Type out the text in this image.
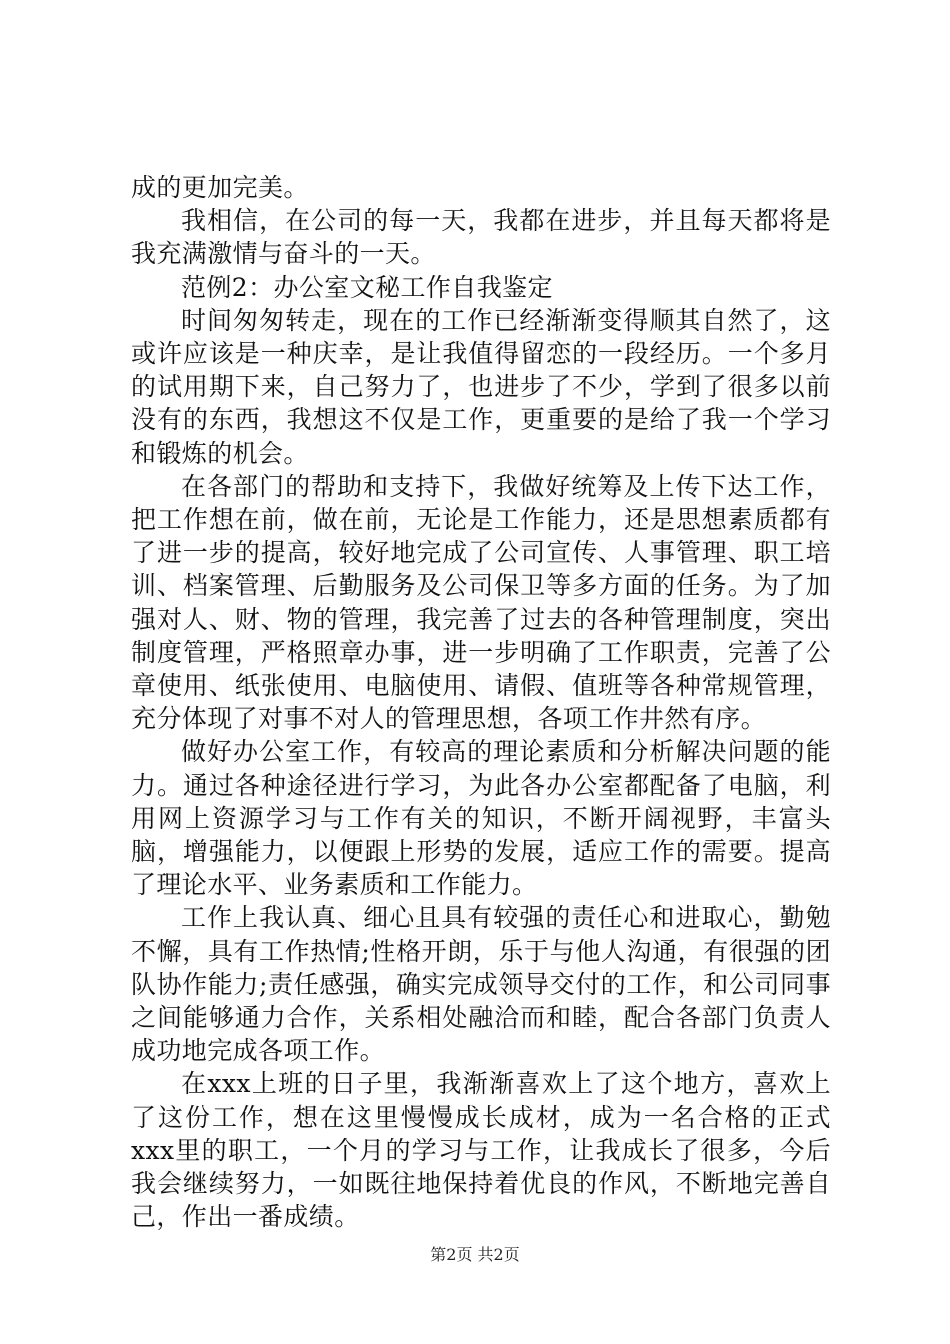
成的更加完美。

我相信，在公司的每一天，我都在进步，并且每天都将是我充满激情与奋斗的一天。

范例2：办公室文秘工作自我鉴定

时间匆匆转走，现在的工作已经渐渐变得顺其自然了，这或许应该是一种庆幸，是让我值得留恋的一段经历。一个多月的试用期下来，自己努力了，也进步了不少，学到了很多以前没有的东西，我想这不仅是工作，更重要的是给了我一个学习和锻炼的机会。

在各部门的帮助和支持下，我做好统筹及上传下达工作，把工作想在前，做在前，无论是工作能力，还是思想素质都有了进一步的提高，较好地完成了公司宣传、人事管理、职工培训、档案管理、后勤服务及公司保卫等多方面的任务。为了加强对人、财、物的管理，我完善了过去的各种管理制度，突出制度管理，严格照章办事，进一步明确了工作职责，完善了公章使用、纸张使用、电脑使用、请假、值班等各种常规管理，充分体现了对事不对人的管理思想，各项工作井然有序。

做好办公室工作，有较高的理论素质和分析解决问题的能力。通过各种途径进行学习，为此各办公室都配备了电脑，利用网上资源学习与工作有关的知识，不断开阔视野，丰富头脑，增强能力，以便跟上形势的发展，适应工作的需要。提高了理论水平、业务素质和工作能力。

工作上我认真、细心且具有较强的责任心和进取心，勤勉不懈，具有工作热情;性格开朗，乐于与他人沟通，有很强的团队协作能力;责任感强，确实完成领导交付的工作，和公司同事之间能够通力合作，关系相处融洽而和睦，配合各部门负责人成功地完成各项工作。

在xxx上班的日子里，我渐渐喜欢上了这个地方，喜欢上了这份工作，想在这里慢慢成长成材，成为一名合格的正式xxx里的职工，一个月的学习与工作，让我成长了很多，今后我会继续努力，一如既往地保持着优良的作风，不断地完善自己，作出一番成绩。

第2页 共2页
